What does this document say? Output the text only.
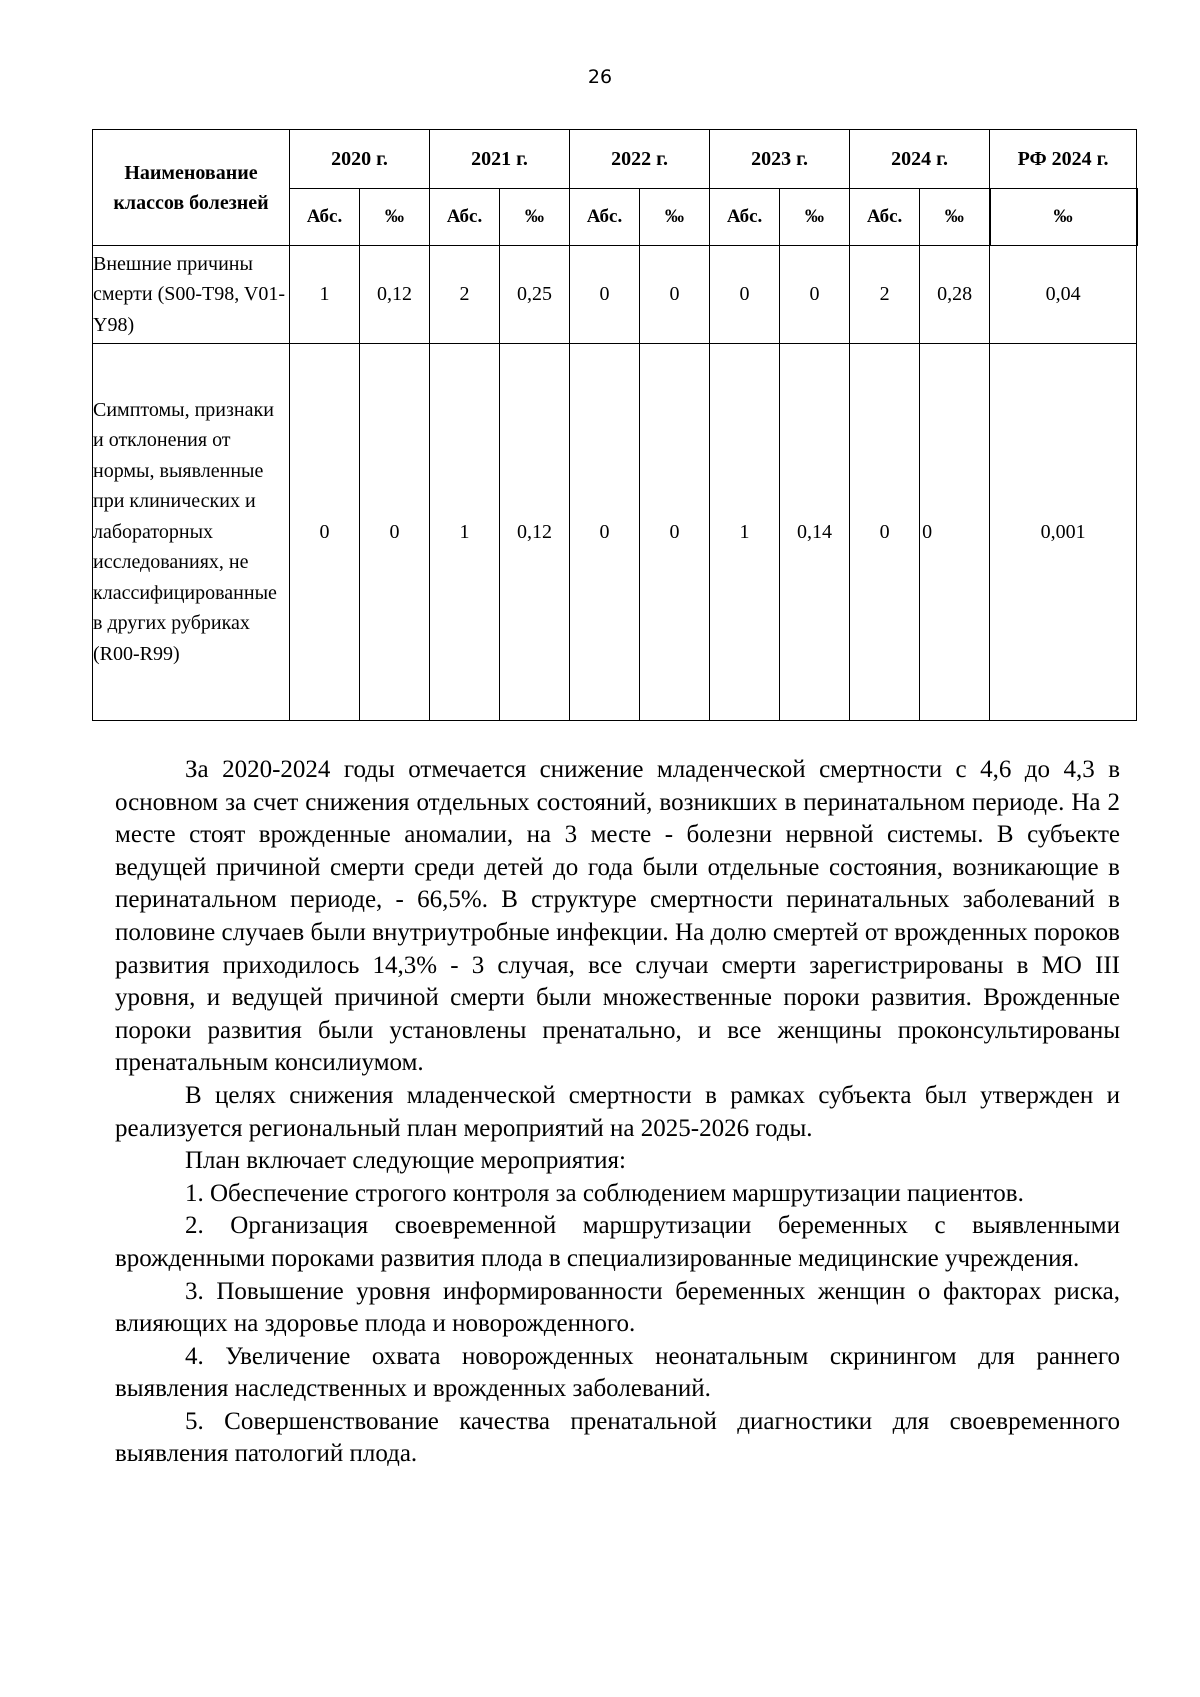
26
Наименование классов болезней	2020 г.		2021 г.		2022 г.		2023 г.		2024 г.		РФ 2024 г.
	Абс.	‰	Абс.	‰	Абс.	‰	Абс.	‰	Абс.	‰	‰
Внешние причины смерти (S00-T98, V01-Y98)	1	0,12	2	0,25	0	0	0	0	2	0,28	0,04
Симптомы, признаки и отклонения от нормы, выявленные при клинических и лабораторных исследованиях, не классифицированные в других рубриках (R00-R99)	0	0	1	0,12	0	0	1	0,14	0	0	0,001

За 2020-2024 годы отмечается снижение младенческой смертности с 4,6 до 4,3 в основном за счет снижения отдельных состояний, возникших в перинатальном периоде. На 2 месте стоят врожденные аномалии, на 3 месте - болезни нервной системы. В субъекте ведущей причиной смерти среди детей до года были отдельные состояния, возникающие в перинатальном периоде, - 66,5%. В структуре смертности перинатальных заболеваний в половине случаев были внутриутробные инфекции. На долю смертей от врожденных пороков развития приходилось 14,3% - 3 случая, все случаи смерти зарегистрированы в МО III уровня, и ведущей причиной смерти были множественные пороки развития. Врожденные пороки развития были установлены пренатально, и все женщины проконсультированы пренатальным консилиумом.

В целях снижения младенческой смертности в рамках субъекта был утвержден и реализуется региональный план мероприятий на 2025-2026 годы.

План включает следующие мероприятия:

1. Обеспечение строгого контроля за соблюдением маршрутизации пациентов.

2. Организация своевременной маршрутизации беременных с выявленными врожденными пороками развития плода в специализированные медицинские учреждения.

3. Повышение уровня информированности беременных женщин о факторах риска, влияющих на здоровье плода и новорожденного.

4. Увеличение охвата новорожденных неонатальным скринингом для раннего выявления наследственных и врожденных заболеваний.

5. Совершенствование качества пренатальной диагностики для своевременного выявления патологий плода.
